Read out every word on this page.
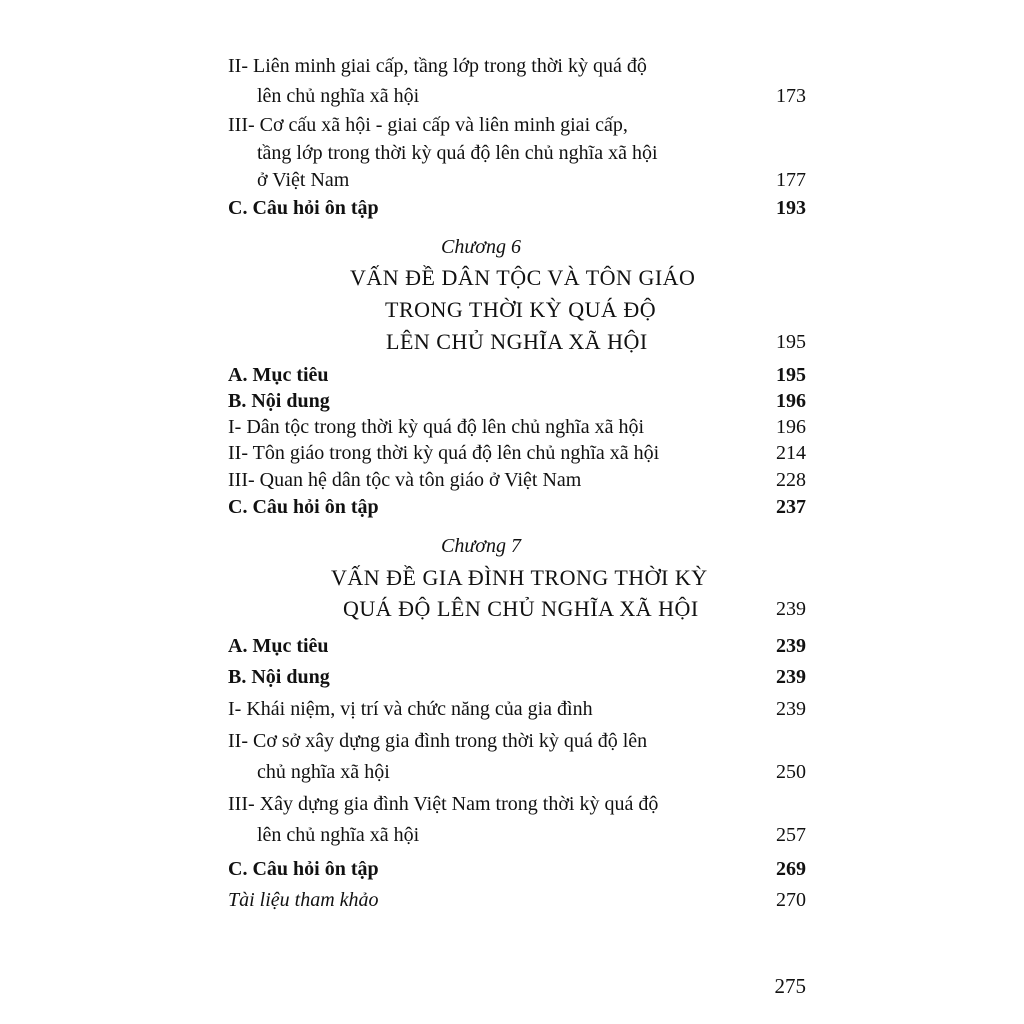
II- Liên minh giai cấp, tầng lớp trong thời kỳ quá độ
lên chủ nghĩa xã hội	173
III- Cơ cấu xã hội - giai cấp và liên minh giai cấp,
tầng lớp trong thời kỳ quá độ lên chủ nghĩa xã hội
ở Việt Nam	177
C. Câu hỏi ôn tập	193
Chương 6
VẤN ĐỀ DÂN TỘC VÀ TÔN GIÁO
TRONG THỜI KỲ QUÁ ĐỘ
LÊN CHỦ NGHĨA XÃ HỘI	195
A. Mục tiêu	195
B. Nội dung	196
I- Dân tộc trong thời kỳ quá độ lên chủ nghĩa xã hội	196
II- Tôn giáo trong thời kỳ quá độ lên chủ nghĩa xã hội	214
III- Quan hệ dân tộc và tôn giáo ở Việt Nam	228
C. Câu hỏi ôn tập	237
Chương 7
VẤN ĐỀ GIA ĐÌNH TRONG THỜI KỲ
QUÁ ĐỘ LÊN CHỦ NGHĨA XÃ HỘI	239
A. Mục tiêu	239
B. Nội dung	239
I- Khái niệm, vị trí và chức năng của gia đình	239
II- Cơ sở xây dựng gia đình trong thời kỳ quá độ lên
chủ nghĩa xã hội	250
III- Xây dựng gia đình Việt Nam trong thời kỳ quá độ
lên chủ nghĩa xã hội	257
C. Câu hỏi ôn tập	269
Tài liệu tham khảo	270
275
